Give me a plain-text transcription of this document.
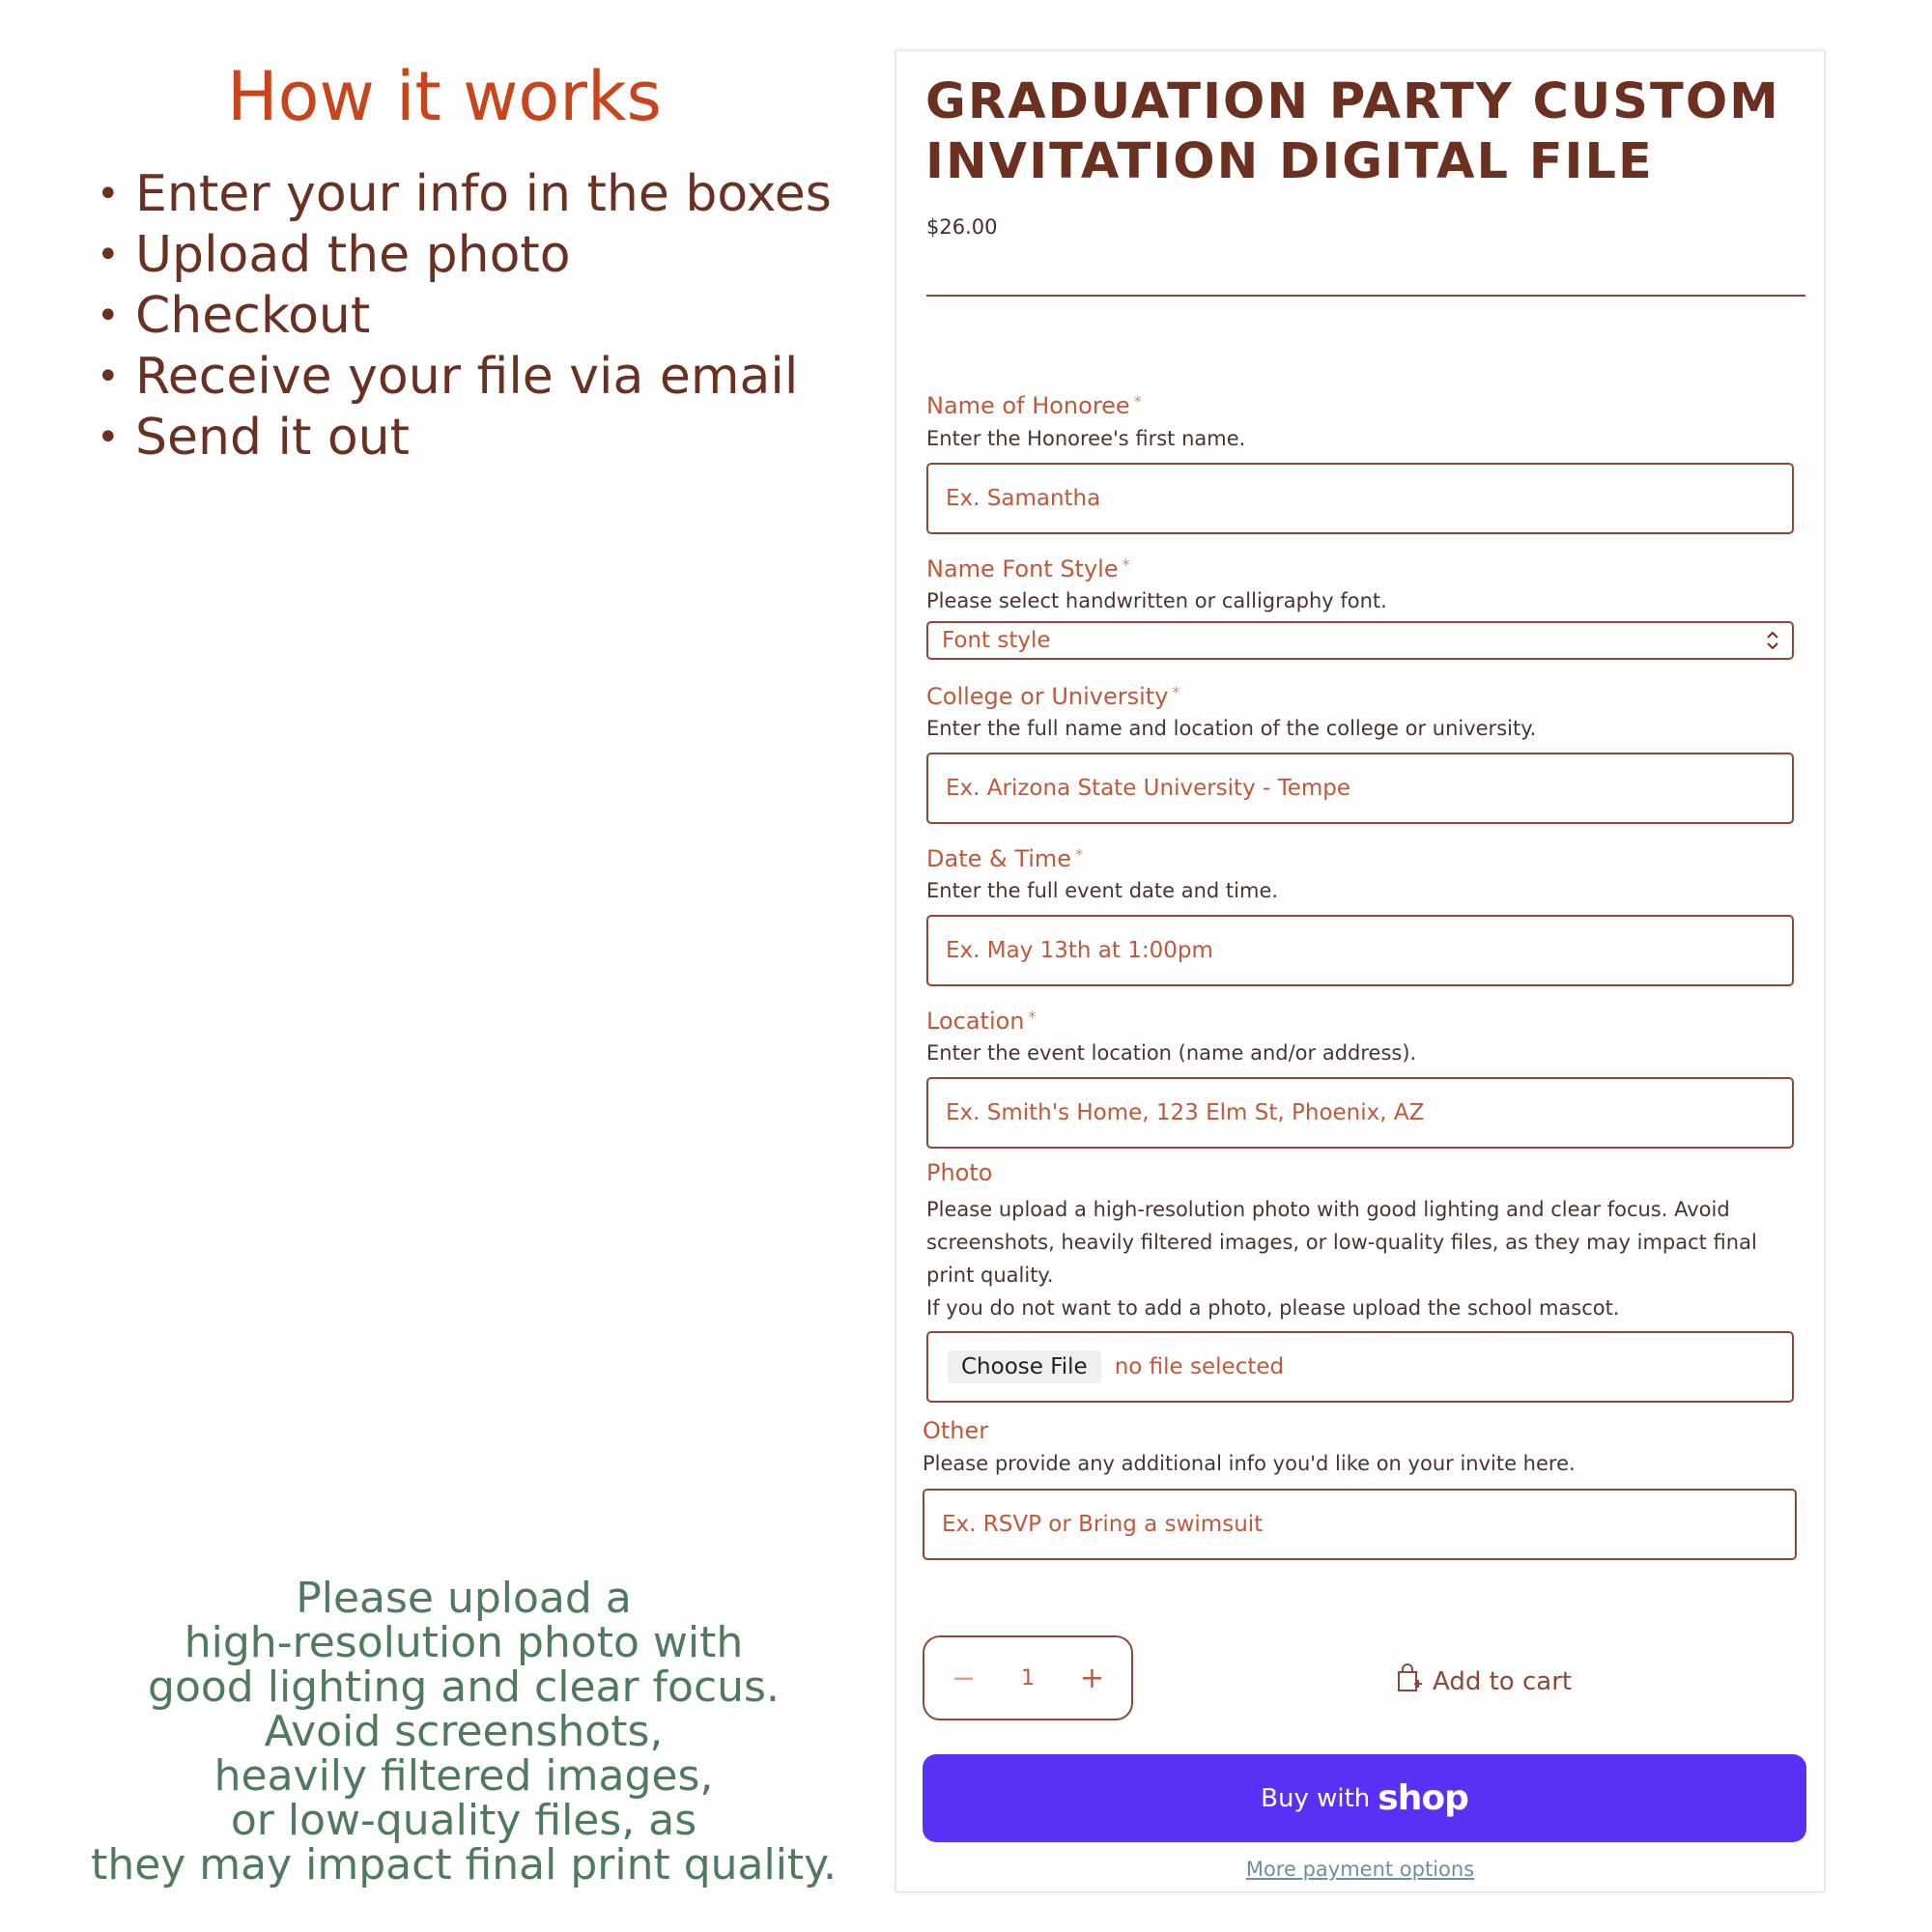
How it works
• Enter your info in the boxes
• Upload the photo
• Checkout
• Receive your file via email
• Send it out

Please upload a
high-resolution photo with
good lighting and clear focus.
Avoid screenshots,
heavily filtered images,
or low-quality files, as
they may impact final print quality.

GRADUATION PARTY CUSTOM INVITATION DIGITAL FILE
$26.00
Name of Honoree *
Enter the Honoree's first name.
Ex. Samantha
Name Font Style *
Please select handwritten or calligraphy font.
Font style
College or University *
Enter the full name and location of the college or university.
Ex. Arizona State University - Tempe
Date & Time *
Enter the full event date and time.
Ex. May 13th at 1:00pm
Location *
Enter the event location (name and/or address).
Ex. Smith's Home, 123 Elm St, Phoenix, AZ
Photo
Please upload a high-resolution photo with good lighting and clear focus. Avoid screenshots, heavily filtered images, or low-quality files, as they may impact final print quality.
If you do not want to add a photo, please upload the school mascot.
Choose File	no file selected
Other
Please provide any additional info you'd like on your invite here.
Ex. RSVP or Bring a swimsuit
− 1 +	Add to cart
Buy with shop
More payment options
